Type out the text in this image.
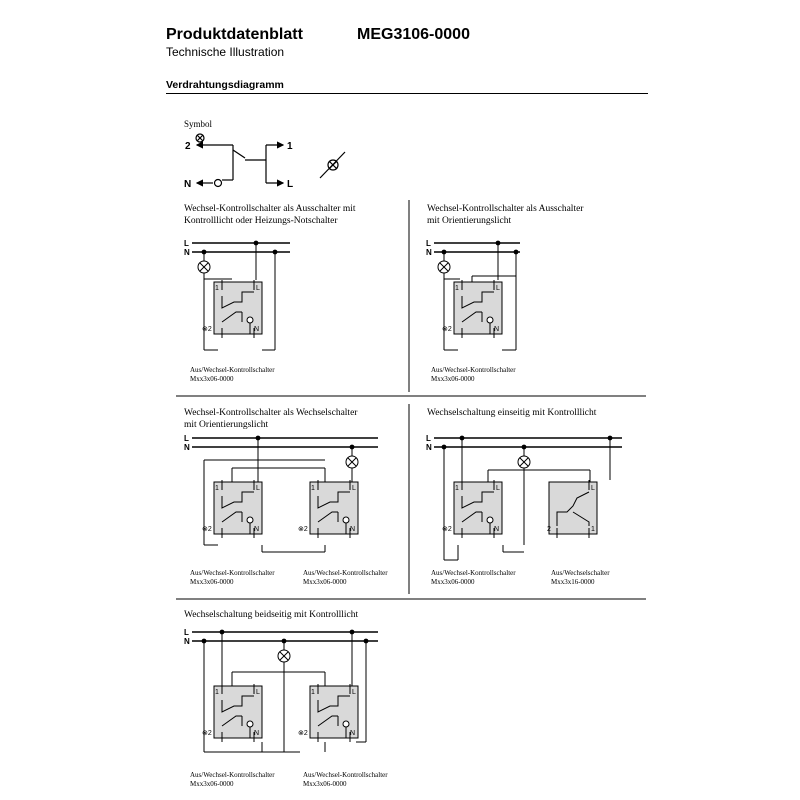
Produktdatenblatt	MEG3106-0000
Technische Illustration
Verdrahtungsdiagramm
Symbol
Wechsel-Kontrollschalter als Ausschalter mit
Kontrolllicht oder Heizungs-Notschalter
Wechsel-Kontrollschalter als Ausschalter
mit Orientierungslicht
Wechsel-Kontrollschalter als Wechselschalter
mit Orientierungslicht
Wechselschaltung einseitig mit Kontrolllicht
Wechselschaltung beidseitig mit Kontrolllicht
Aus/Wechsel-Kontrollschalter
Mxx3x06-0000
Aus/Wechsel-Kontrollschalter
Mxx3x06-0000
Aus/Wechsel-Kontrollschalter
Mxx3x06-0000
Aus/Wechsel-Kontrollschalter
Mxx3x06-0000
Aus/Wechsel-Kontrollschalter
Mxx3x06-0000
Aus/Wechselschalter
Mxx3x16-0000
Aus/Wechsel-Kontrollschalter
Mxx3x06-0000
Aus/Wechsel-Kontrollschalter
Mxx3x06-0000
2	1
N	L
L
N
1	L
⊗2	N
L
N
1	L
⊗2	N
L
N
1	L
⊗2	N
1	L
⊗2	N
L
N
1	L
⊗2	N
L
2	1
L
N
1	L
⊗2	N
1	L
⊗2	N
